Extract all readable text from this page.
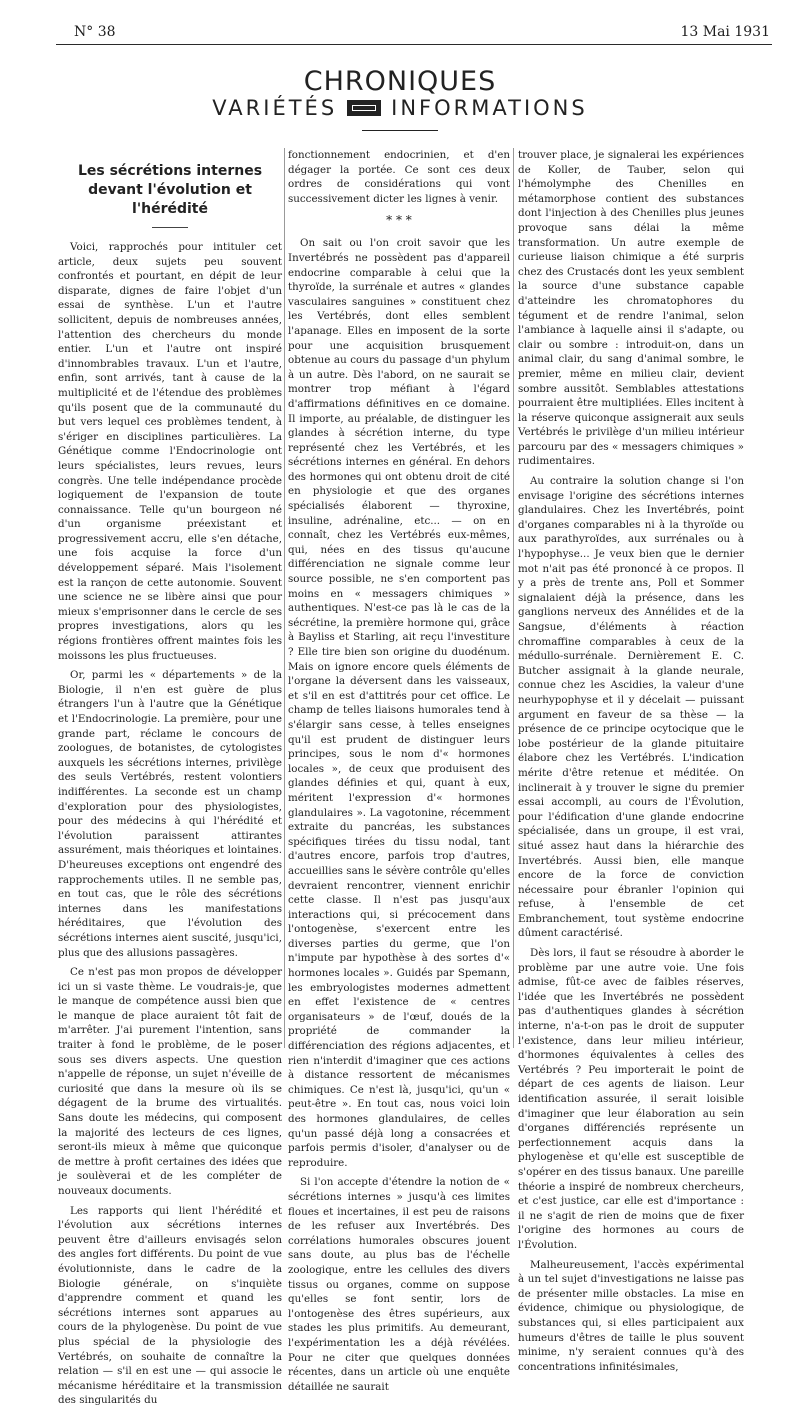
N° 38	13 Mai 1931
CHRONIQUES
VARIÉTÉS	INFORMATIONS
Les sécrétions internes
devant l'évolution et l'hérédité

Voici, rapprochés pour intituler cet article, deux sujets peu souvent confrontés et pourtant, en dépit de leur disparate, dignes de faire l'objet d'un essai de synthèse. L'un et l'autre sollicitent, depuis de nombreuses années, l'attention des chercheurs du monde entier. L'un et l'autre ont inspiré d'innombrables travaux. L'un et l'autre, enfin, sont arrivés, tant à cause de la multiplicité et de l'étendue des problèmes qu'ils posent que de la communauté du but vers lequel ces problèmes tendent, à s'ériger en disciplines particulières. La Génétique comme l'Endocrinologie ont leurs spécialistes, leurs revues, leurs congrès. Une telle indépendance procède logiquement de l'expansion de toute connaissance. Telle qu'un bourgeon né d'un organisme préexistant et progressivement accru, elle s'en détache, une fois acquise la force d'un développement séparé. Mais l'isolement est la rançon de cette autonomie. Souvent une science ne se libère ainsi que pour mieux s'emprisonner dans le cercle de ses propres investigations, alors qu les régions frontières offrent maintes fois les moissons les plus fructueuses.

Or, parmi les « départements » de la Biologie, il n'en est guère de plus étrangers l'un à l'autre que la Génétique et l'Endocrinologie. La première, pour une grande part, réclame le concours de zoologues, de botanistes, de cytologistes auxquels les sécrétions internes, privilège des seuls Vertébrés, restent volontiers indifférentes. La seconde est un champ d'exploration pour des physiologistes, pour des médecins à qui l'hérédité et l'évolution paraissent attirantes assurément, mais théoriques et lointaines. D'heureuses exceptions ont engendré des rapprochements utiles. Il ne semble pas, en tout cas, que le rôle des sécrétions internes dans les manifestations héréditaires, que l'évolution des sécrétions internes aient suscité, jusqu'ici, plus que des allusions passagères.

Ce n'est pas mon propos de développer ici un si vaste thème. Le voudrais-je, que le manque de compétence aussi bien que le manque de place auraient tôt fait de m'arrêter. J'ai purement l'intention, sans traiter à fond le problème, de le poser sous ses divers aspects. Une question n'appelle de réponse, un sujet n'éveille de curiosité que dans la mesure où ils se dégagent de la brume des virtualités. Sans doute les médecins, qui composent la majorité des lecteurs de ces lignes, seront-ils mieux à même que quiconque de mettre à profit certaines des idées que je soulèverai et de les compléter de nouveaux documents.

Les rapports qui lient l'hérédité et l'évolution aux sécrétions internes peuvent être d'ailleurs envisagés selon des angles fort différents. Du point de vue évolutionniste, dans le cadre de la Biologie générale, on s'inquiète d'apprendre comment et quand les sécrétions internes sont apparues au cours de la phylogenèse. Du point de vue plus spécial de la physiologie des Vertébrés, on souhaite de connaître la relation — s'il en est une — qui associe le mécanisme héréditaire et la transmission des singularités du

fonctionnement endocrinien, et d'en dégager la portée. Ce sont ces deux ordres de considérations qui vont successivement dicter les lignes à venir.

* * *

On sait ou l'on croit savoir que les Invertébrés ne possèdent pas d'appareil endocrine comparable à celui que la thyroïde, la surrénale et autres « glandes vasculaires sanguines » constituent chez les Vertébrés, dont elles semblent l'apanage. Elles en imposent de la sorte pour une acquisition brusquement obtenue au cours du passage d'un phylum à un autre. Dès l'abord, on ne saurait se montrer trop méfiant à l'égard d'affirmations définitives en ce domaine. Il importe, au préalable, de distinguer les glandes à sécrétion interne, du type représenté chez les Vertébrés, et les sécrétions internes en général. En dehors des hormones qui ont obtenu droit de cité en physiologie et que des organes spécialisés élaborent — thyroxine, insuline, adrénaline, etc... — on en connaît, chez les Vertébrés eux-mêmes, qui, nées en des tissus qu'aucune différenciation ne signale comme leur source possible, ne s'en comportent pas moins en « messagers chimiques » authentiques. N'est-ce pas là le cas de la sécrétine, la première hormone qui, grâce à Bayliss et Starling, ait reçu l'investiture ? Elle tire bien son origine du duodénum. Mais on ignore encore quels éléments de l'organe la déversent dans les vaisseaux, et s'il en est d'attitrés pour cet office. Le champ de telles liaisons humorales tend à s'élargir sans cesse, à telles enseignes qu'il est prudent de distinguer leurs principes, sous le nom d'« hormones locales », de ceux que produisent des glandes définies et qui, quant à eux, méritent l'expression d'« hormones glandulaires ». La vagotonine, récemment extraite du pancréas, les substances spécifiques tirées du tissu nodal, tant d'autres encore, parfois trop d'autres, accueillies sans le sévère contrôle qu'elles devraient rencontrer, viennent enrichir cette classe. Il n'est pas jusqu'aux interactions qui, si précocement dans l'ontogenèse, s'exercent entre les diverses parties du germe, que l'on n'impute par hypothèse à des sortes d'« hormones locales ». Guidés par Spemann, les embryologistes modernes admettent en effet l'existence de « centres organisateurs » de l'œuf, doués de la propriété de commander la différenciation des régions adjacentes, et rien n'interdit d'imaginer que ces actions à distance ressortent de mécanismes chimiques. Ce n'est là, jusqu'ici, qu'un « peut-être ». En tout cas, nous voici loin des hormones glandulaires, de celles qu'un passé déjà long a consacrées et parfois permis d'isoler, d'analyser ou de reproduire.

Si l'on accepte d'étendre la notion de « sécrétions internes » jusqu'à ces limites floues et incertaines, il est peu de raisons de les refuser aux Invertébrés. Des corrélations humorales obscures jouent sans doute, au plus bas de l'échelle zoologique, entre les cellules des divers tissus ou organes, comme on suppose qu'elles se font sentir, lors de l'ontogenèse des êtres supérieurs, aux stades les plus primitifs. Au demeurant, l'expérimentation les a déjà révélées. Pour ne citer que quelques données récentes, dans un article où une enquête détaillée ne saurait

trouver place, je signalerai les expériences de Koller, de Tauber, selon qui l'hémolymphe des Chenilles en métamorphose contient des substances dont l'injection à des Chenilles plus jeunes provoque sans délai la même transformation. Un autre exemple de curieuse liaison chimique a été surpris chez des Crustacés dont les yeux semblent la source d'une substance capable d'atteindre les chromatophores du tégument et de rendre l'animal, selon l'ambiance à laquelle ainsi il s'adapte, ou clair ou sombre : introduit-on, dans un animal clair, du sang d'animal sombre, le premier, même en milieu clair, devient sombre aussitôt. Semblables attestations pourraient être multipliées. Elles incitent à la réserve quiconque assignerait aux seuls Vertébrés le privilège d'un milieu intérieur parcouru par des « messagers chimiques » rudimentaires.

Au contraire la solution change si l'on envisage l'origine des sécrétions internes glandulaires. Chez les Invertébrés, point d'organes comparables ni à la thyroïde ou aux parathyroïdes, aux surrénales ou à l'hypophyse... Je veux bien que le dernier mot n'ait pas été prononcé à ce propos. Il y a près de trente ans, Poll et Sommer signalaient déjà la présence, dans les ganglions nerveux des Annélides et de la Sangsue, d'éléments à réaction chromaffine comparables à ceux de la médullo-surrénale. Dernièrement E. C. Butcher assignait à la glande neurale, connue chez les Ascidies, la valeur d'une neurhypophyse et il y décelait — puissant argument en faveur de sa thèse — la présence de ce principe ocytocique que le lobe postérieur de la glande pituitaire élabore chez les Vertébrés. L'indication mérite d'être retenue et méditée. On inclinerait à y trouver le signe du premier essai accompli, au cours de l'Évolution, pour l'édification d'une glande endocrine spécialisée, dans un groupe, il est vrai, situé assez haut dans la hiérarchie des Invertébrés. Aussi bien, elle manque encore de la force de conviction nécessaire pour ébranler l'opinion qui refuse, à l'ensemble de cet Embranchement, tout système endocrine dûment caractérisé.

Dès lors, il faut se résoudre à aborder le problème par une autre voie. Une fois admise, fût-ce avec de faibles réserves, l'idée que les Invertébrés ne possèdent pas d'authentiques glandes à sécrétion interne, n'a-t-on pas le droit de supputer l'existence, dans leur milieu intérieur, d'hormones équivalentes à celles des Vertébrés ? Peu importerait le point de départ de ces agents de liaison. Leur identification assurée, il serait loisible d'imaginer que leur élaboration au sein d'organes différenciés représente un perfectionnement acquis dans la phylogenèse et qu'elle est susceptible de s'opérer en des tissus banaux. Une pareille théorie a inspiré de nombreux chercheurs, et c'est justice, car elle est d'importance : il ne s'agit de rien de moins que de fixer l'origine des hormones au cours de l'Évolution.

Malheureusement, l'accès expérimental à un tel sujet d'investigations ne laisse pas de présenter mille obstacles. La mise en évidence, chimique ou physiologique, de substances qui, si elles participaient aux humeurs d'êtres de taille le plus souvent minime, n'y seraient connues qu'à des concentrations infinitésimales,
